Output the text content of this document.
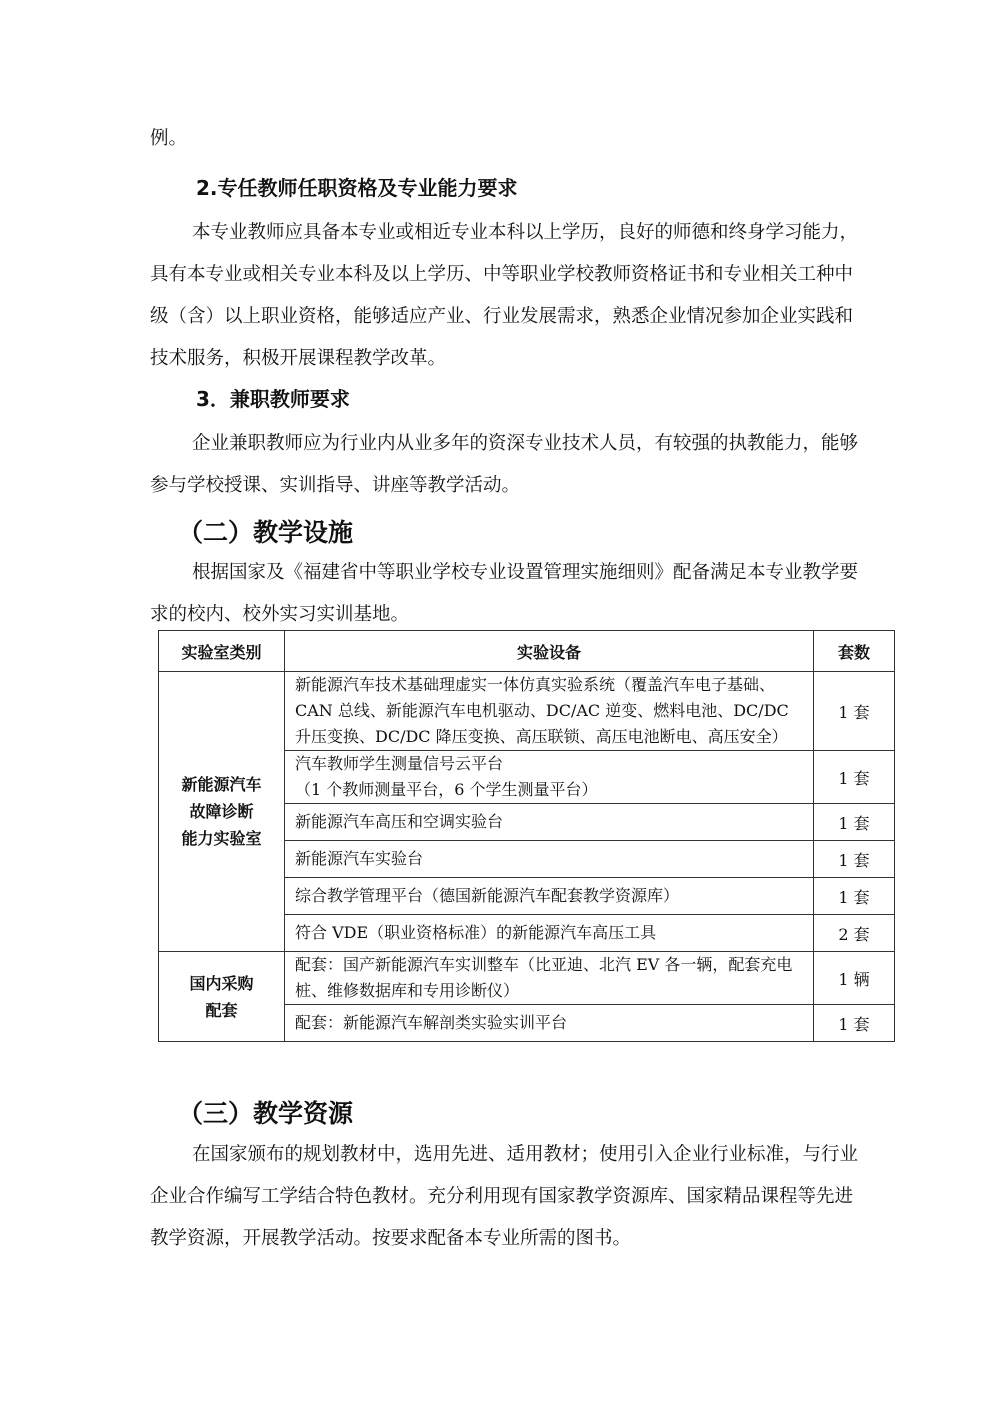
例。

2.专任教师任职资格及专业能力要求

本专业教师应具备本专业或相近专业本科以上学历，良好的师德和终身学习能力，具有本专业或相关专业本科及以上学历、中等职业学校教师资格证书和专业相关工种中级（含）以上职业资格，能够适应产业、行业发展需求，熟悉企业情况参加企业实践和技术服务，积极开展课程教学改革。

3．兼职教师要求

企业兼职教师应为行业内从业多年的资深专业技术人员，有较强的执教能力，能够参与学校授课、实训指导、讲座等教学活动。

（二）教学设施

根据国家及《福建省中等职业学校专业设置管理实施细则》配备满足本专业教学要求的校内、校外实习实训基地。

实验室类别	实验设备	套数
新能源汽车
故障诊断
能力实验室	新能源汽车技术基础理虚实一体仿真实验系统（覆盖汽车电子基础、CAN 总线、新能源汽车电机驱动、DC/AC 逆变、燃料电池、DC/DC 升压变换、DC/DC 降压变换、高压联锁、高压电池断电、高压安全）	1 套
	汽车教师学生测量信号云平台
（1 个教师测量平台，6 个学生测量平台）	1 套
	新能源汽车高压和空调实验台	1 套
	新能源汽车实验台	1 套
	综合教学管理平台（德国新能源汽车配套教学资源库）	1 套
	符合 VDE（职业资格标准）的新能源汽车高压工具	2 套
国内采购
配套	配套：国产新能源汽车实训整车（比亚迪、北汽 EV 各一辆，配套充电桩、维修数据库和专用诊断仪）	1 辆
	配套：新能源汽车解剖类实验实训平台	1 套
（三）教学资源

在国家颁布的规划教材中，选用先进、适用教材；使用引入企业行业标准，与行业企业合作编写工学结合特色教材。充分利用现有国家教学资源库、国家精品课程等先进教学资源，开展教学活动。按要求配备本专业所需的图书。
